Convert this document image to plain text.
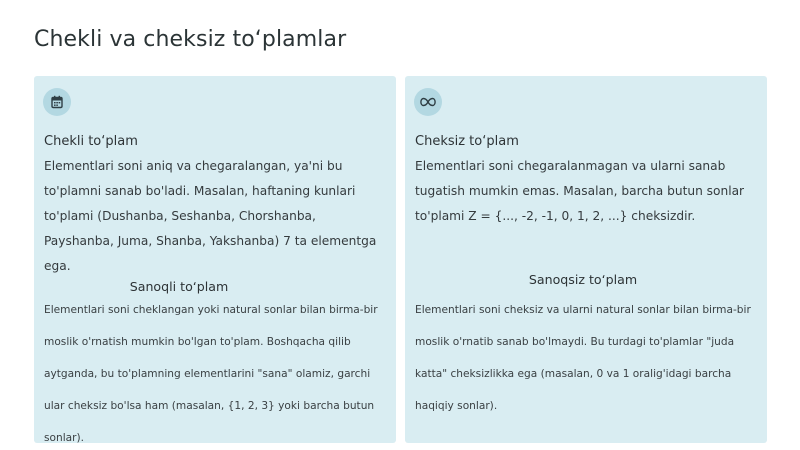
Chekli va cheksiz to‘plamlar
Chekli to‘plam
Elementlari soni aniq va chegaralangan, ya'ni bu to'plamni sanab bo'ladi. Masalan, haftaning kunlari to'plami (Dushanba, Seshanba, Chorshanba, Payshanba, Juma, Shanba, Yakshanba) 7 ta elementga ega.
Sanoqli to‘plam
Elementlari soni cheklangan yoki natural sonlar bilan birma-bir moslik o'rnatish mumkin bo'lgan to'plam. Boshqacha qilib aytganda, bu to'plamning elementlarini "sana" olamiz, garchi ular cheksiz bo'lsa ham (masalan, {1, 2, 3} yoki barcha butun sonlar).
Cheksiz to‘plam
Elementlari soni chegaralanmagan va ularni sanab tugatish mumkin emas. Masalan, barcha butun sonlar to'plami Z = {..., -2, -1, 0, 1, 2, ...} cheksizdir.
Sanoqsiz to‘plam
Elementlari soni cheksiz va ularni natural sonlar bilan birma-bir moslik o'rnatib sanab bo'lmaydi. Bu turdagi to'plamlar "juda katta" cheksizlikka ega (masalan, 0 va 1 oralig'idagi barcha haqiqiy sonlar).
